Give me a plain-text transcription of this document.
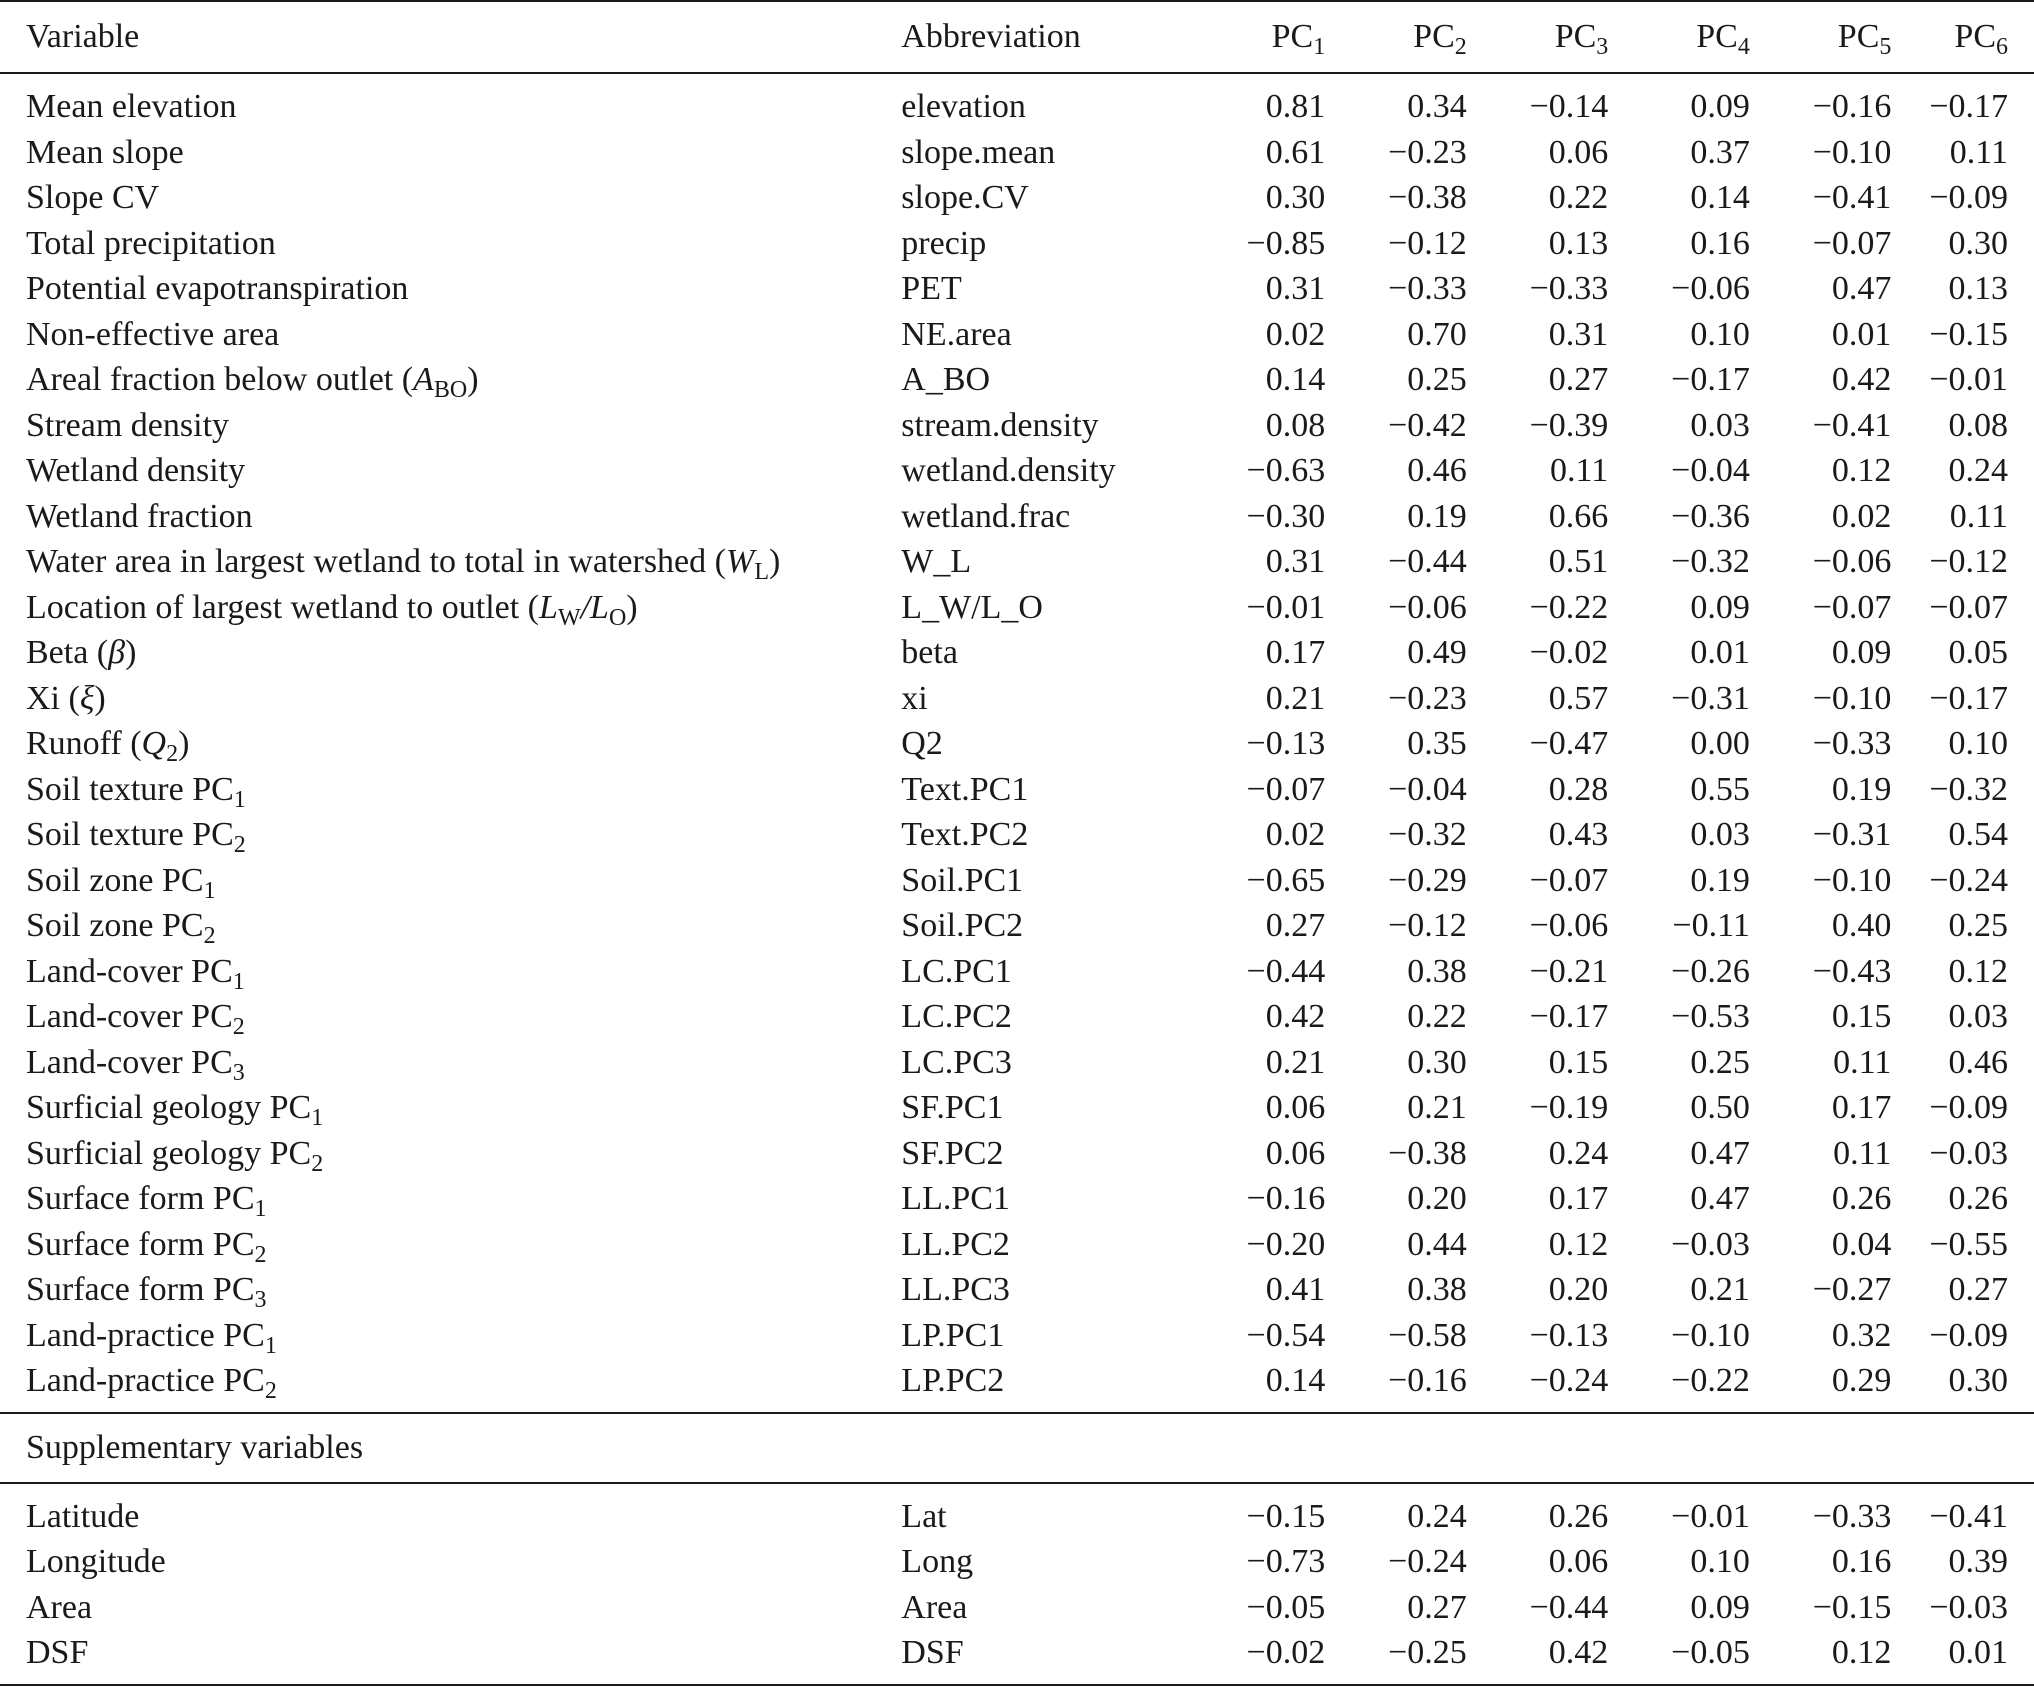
Variable	Abbreviation	$PC_1$	$PC_2$	$PC_3$	$PC_4$	$PC_5$	$PC_6$
Mean elevation	elevation	0.81	0.34	−0.14	0.09	−0.16	−0.17
Mean slope	slope.mean	0.61	−0.23	0.06	0.37	−0.10	0.11
Slope CV	slope.CV	0.30	−0.38	0.22	0.14	−0.41	−0.09
Total precipitation	precip	−0.85	−0.12	0.13	0.16	−0.07	0.30
Potential evapotranspiration	PET	0.31	−0.33	−0.33	−0.06	0.47	0.13
Non-effective area	NE.area	0.02	0.70	0.31	0.10	0.01	−0.15
Areal fraction below outlet $(A_{BO})$	A_BO	0.14	0.25	0.27	−0.17	0.42	−0.01
Stream density	stream.density	0.08	−0.42	−0.39	0.03	−0.41	0.08
Wetland density	wetland.density	−0.63	0.46	0.11	−0.04	0.12	0.24
Wetland fraction	wetland.frac	−0.30	0.19	0.66	−0.36	0.02	0.11
Water area in largest wetland to total in watershed $(W_L)$	W_L	0.31	−0.44	0.51	−0.32	−0.06	−0.12
Location of largest wetland to outlet $(L_W/L_O)$	L_W/L_O	−0.01	−0.06	−0.22	0.09	−0.07	−0.07
Beta (β)	beta	0.17	0.49	−0.02	0.01	0.09	0.05
Xi (ξ)	xi	0.21	−0.23	0.57	−0.31	−0.10	−0.17
Runoff $(Q_2)$	Q2	−0.13	0.35	−0.47	0.00	−0.33	0.10
Soil texture $PC_1$	Text.PC1	−0.07	−0.04	0.28	0.55	0.19	−0.32
Soil texture $PC_2$	Text.PC2	0.02	−0.32	0.43	0.03	−0.31	0.54
Soil zone $PC_1$	Soil.PC1	−0.65	−0.29	−0.07	0.19	−0.10	−0.24
Soil zone $PC_2$	Soil.PC2	0.27	−0.12	−0.06	−0.11	0.40	0.25
Land-cover $PC_1$	LC.PC1	−0.44	0.38	−0.21	−0.26	−0.43	0.12
Land-cover $PC_2$	LC.PC2	0.42	0.22	−0.17	−0.53	0.15	0.03
Land-cover $PC_3$	LC.PC3	0.21	0.30	0.15	0.25	0.11	0.46
Surficial geology $PC_1$	SF.PC1	0.06	0.21	−0.19	0.50	0.17	−0.09
Surficial geology $PC_2$	SF.PC2	0.06	−0.38	0.24	0.47	0.11	−0.03
Surface form $PC_1$	LL.PC1	−0.16	0.20	0.17	0.47	0.26	0.26
Surface form $PC_2$	LL.PC2	−0.20	0.44	0.12	−0.03	0.04	−0.55
Surface form $PC_3$	LL.PC3	0.41	0.38	0.20	0.21	−0.27	0.27
Land-practice $PC_1$	LP.PC1	−0.54	−0.58	−0.13	−0.10	0.32	−0.09
Land-practice $PC_2$	LP.PC2	0.14	−0.16	−0.24	−0.22	0.29	0.30
Supplementary variables							
Latitude	Lat	−0.15	0.24	0.26	−0.01	−0.33	−0.41
Longitude	Long	−0.73	−0.24	0.06	0.10	0.16	0.39
Area	Area	−0.05	0.27	−0.44	0.09	−0.15	−0.03
DSF	DSF	−0.02	−0.25	0.42	−0.05	0.12	0.01
